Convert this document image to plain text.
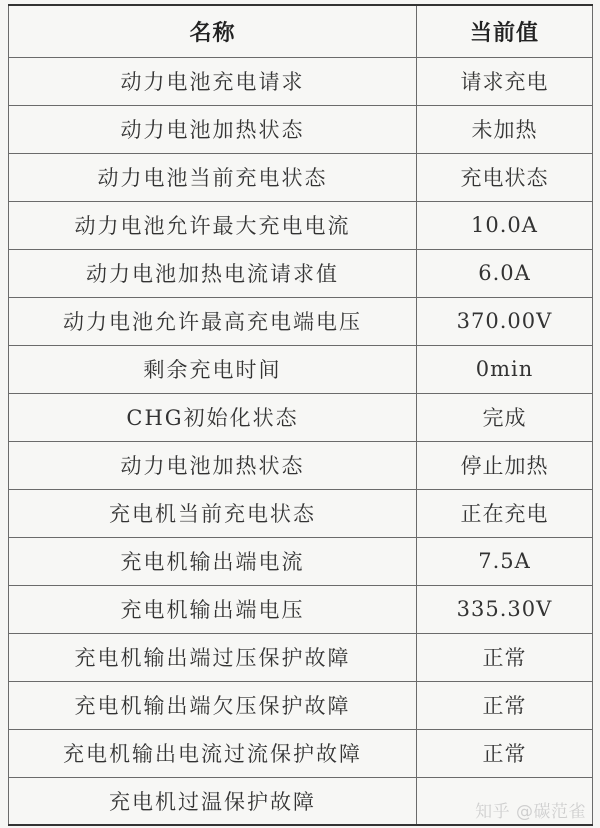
名称	当前值
动力电池充电请求	请求充电
动力电池加热状态	未加热
动力电池当前充电状态	充电状态
动力电池允许最大充电电流	10.0A
动力电池加热电流请求值	6.0A
动力电池允许最高充电端电压	370.00V
剩余充电时间	0min
CHG初始化状态	完成
动力电池加热状态	停止加热
充电机当前充电状态	正在充电
充电机输出端电流	7.5A
充电机输出端电压	335.30V
充电机输出端过压保护故障	正常
充电机输出端欠压保护故障	正常
充电机输出电流过流保护故障	正常
充电机过温保护故障		知乎 @碳范雀
